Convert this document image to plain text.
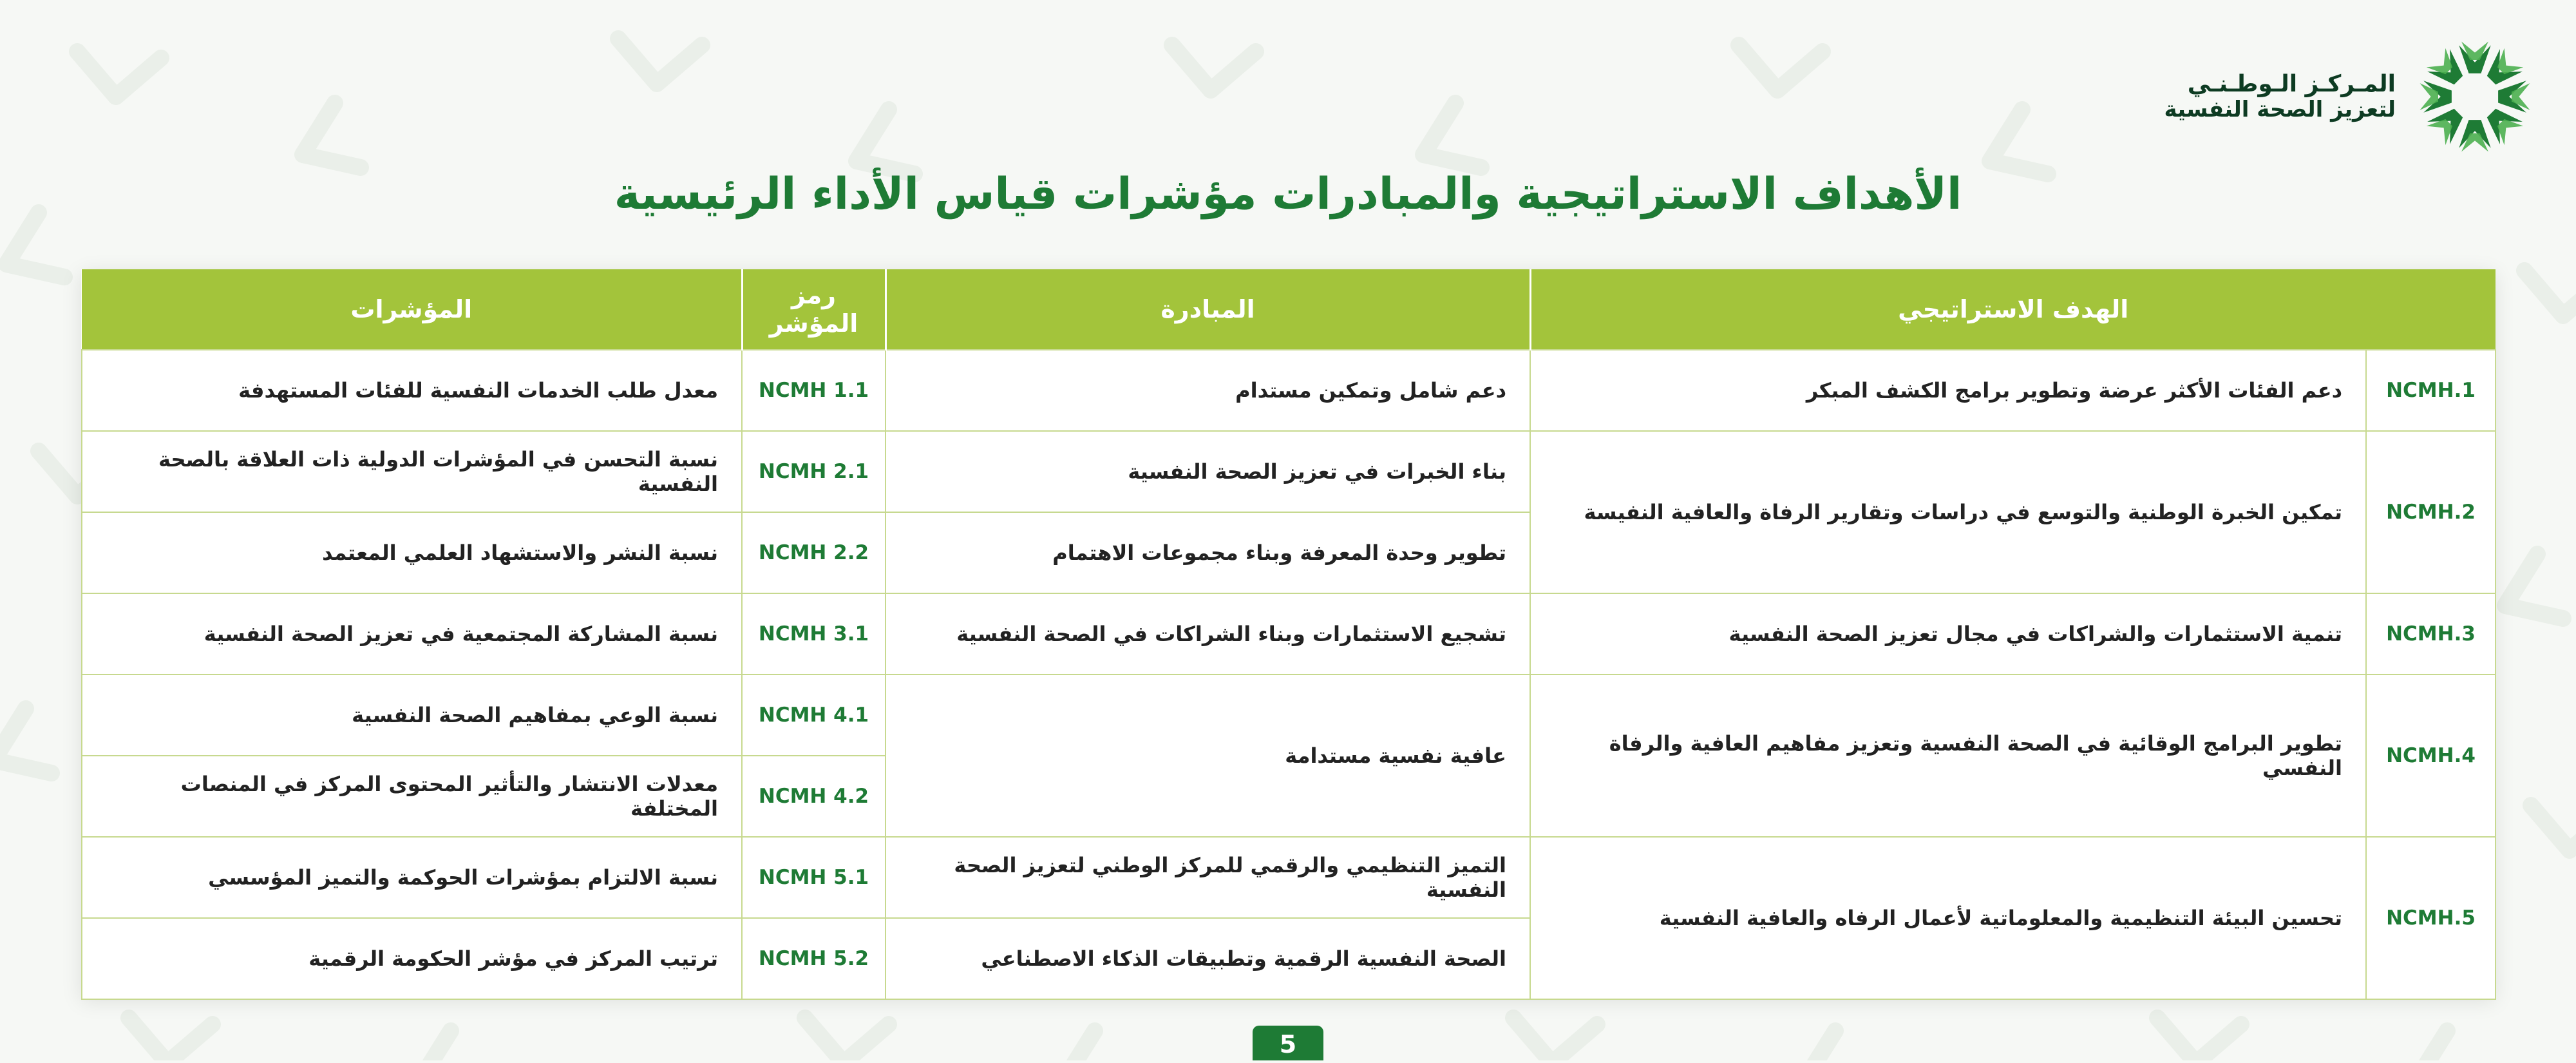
المـركـز الـوطـنـي
لتعزيز الصحة النفسية
الأهداف الاستراتيجية والمبادرات مؤشرات قياس الأداء الرئيسية
الهدف الاستراتيجي		المبادرة	رمز المؤشر	المؤشرات
NCMH.1	دعم الفئات الأكثر عرضة وتطوير برامج الكشف المبكر	دعم شامل وتمكين مستدام	NCMH 1.1	معدل طلب الخدمات النفسية للفئات المستهدفة
NCMH.2	تمكين الخبرة الوطنية والتوسع في دراسات وتقارير الرفاة والعافية النفيسة	بناء الخبرات في تعزيز الصحة النفسية	NCMH 2.1	نسبة التحسن في المؤشرات الدولية ذات العلاقة بالصحة النفسية
		تطوير وحدة المعرفة وبناء مجموعات الاهتمام	NCMH 2.2	نسبة النشر والاستشهاد العلمي المعتمد
NCMH.3	تنمية الاستثمارات والشراكات في مجال تعزيز الصحة النفسية	تشجيع الاستثمارات وبناء الشراكات في الصحة النفسية	NCMH 3.1	نسبة المشاركة المجتمعية في تعزيز الصحة النفسية
NCMH.4	تطوير البرامج الوقائية في الصحة النفسية وتعزيز مفاهيم العافية والرفاة النفسي	عافية نفسية مستدامة	NCMH 4.1	نسبة الوعي بمفاهيم الصحة النفسية
			NCMH 4.2	معدلات الانتشار والتأثير المحتوى المركز في المنصات المختلفة
NCMH.5	تحسين البيئة التنظيمية والمعلوماتية لأعمال الرفاه والعافية النفسية	التميز التنظيمي والرقمي للمركز الوطني لتعزيز الصحة النفسية	NCMH 5.1	نسبة الالتزام بمؤشرات الحوكمة والتميز المؤسسي
		الصحة النفسية الرقمية وتطبيقات الذكاء الاصطناعي	NCMH 5.2	ترتيب المركز في مؤشر الحكومة الرقمية
5
